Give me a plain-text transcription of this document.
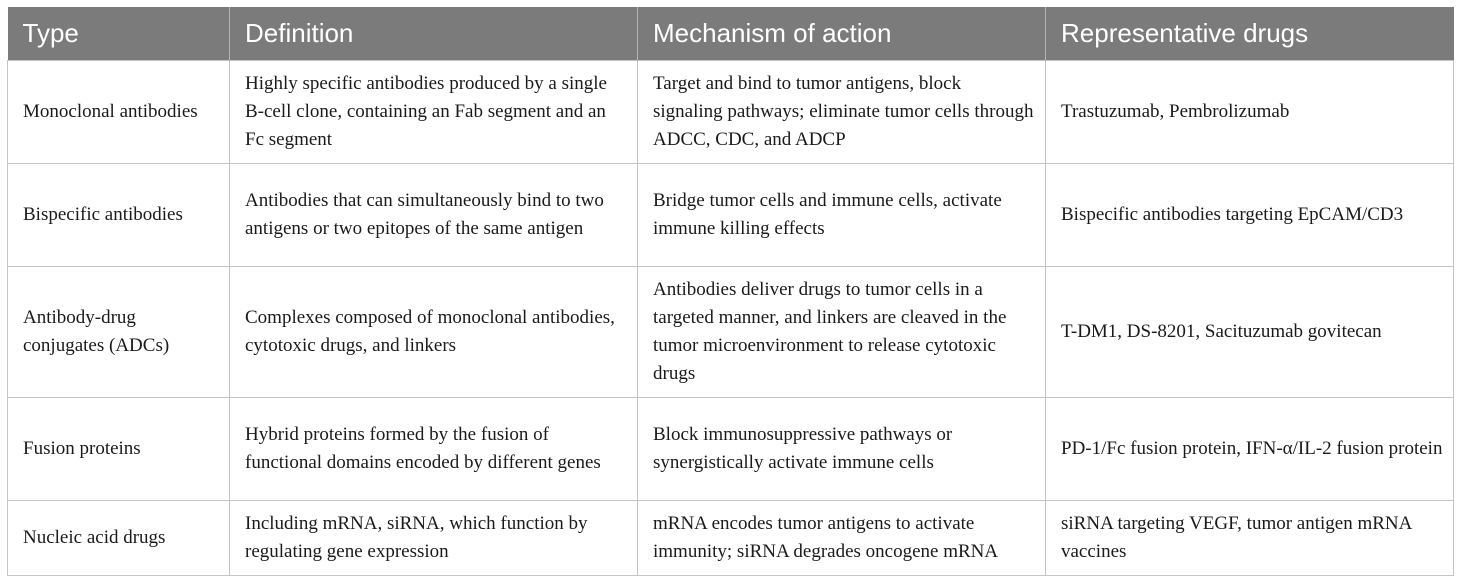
Type	Definition	Mechanism of action	Representative drugs
Monoclonal antibodies	Highly specific antibodies produced by a single B-cell clone, containing an Fab segment and an Fc segment	Target and bind to tumor antigens, block signaling pathways; eliminate tumor cells through ADCC, CDC, and ADCP	Trastuzumab, Pembrolizumab
Bispecific antibodies	Antibodies that can simultaneously bind to two antigens or two epitopes of the same antigen	Bridge tumor cells and immune cells, activate immune killing effects	Bispecific antibodies targeting EpCAM/CD3
Antibody-drug conjugates (ADCs)	Complexes composed of monoclonal antibodies, cytotoxic drugs, and linkers	Antibodies deliver drugs to tumor cells in a targeted manner, and linkers are cleaved in the tumor microenvironment to release cytotoxic drugs	T-DM1, DS-8201, Sacituzumab govitecan
Fusion proteins	Hybrid proteins formed by the fusion of functional domains encoded by different genes	Block immunosuppressive pathways or synergistically activate immune cells	PD-1/Fc fusion protein, IFN-α/IL-2 fusion protein
Nucleic acid drugs	Including mRNA, siRNA, which function by regulating gene expression	mRNA encodes tumor antigens to activate immunity; siRNA degrades oncogene mRNA	siRNA targeting VEGF, tumor antigen mRNA vaccines
